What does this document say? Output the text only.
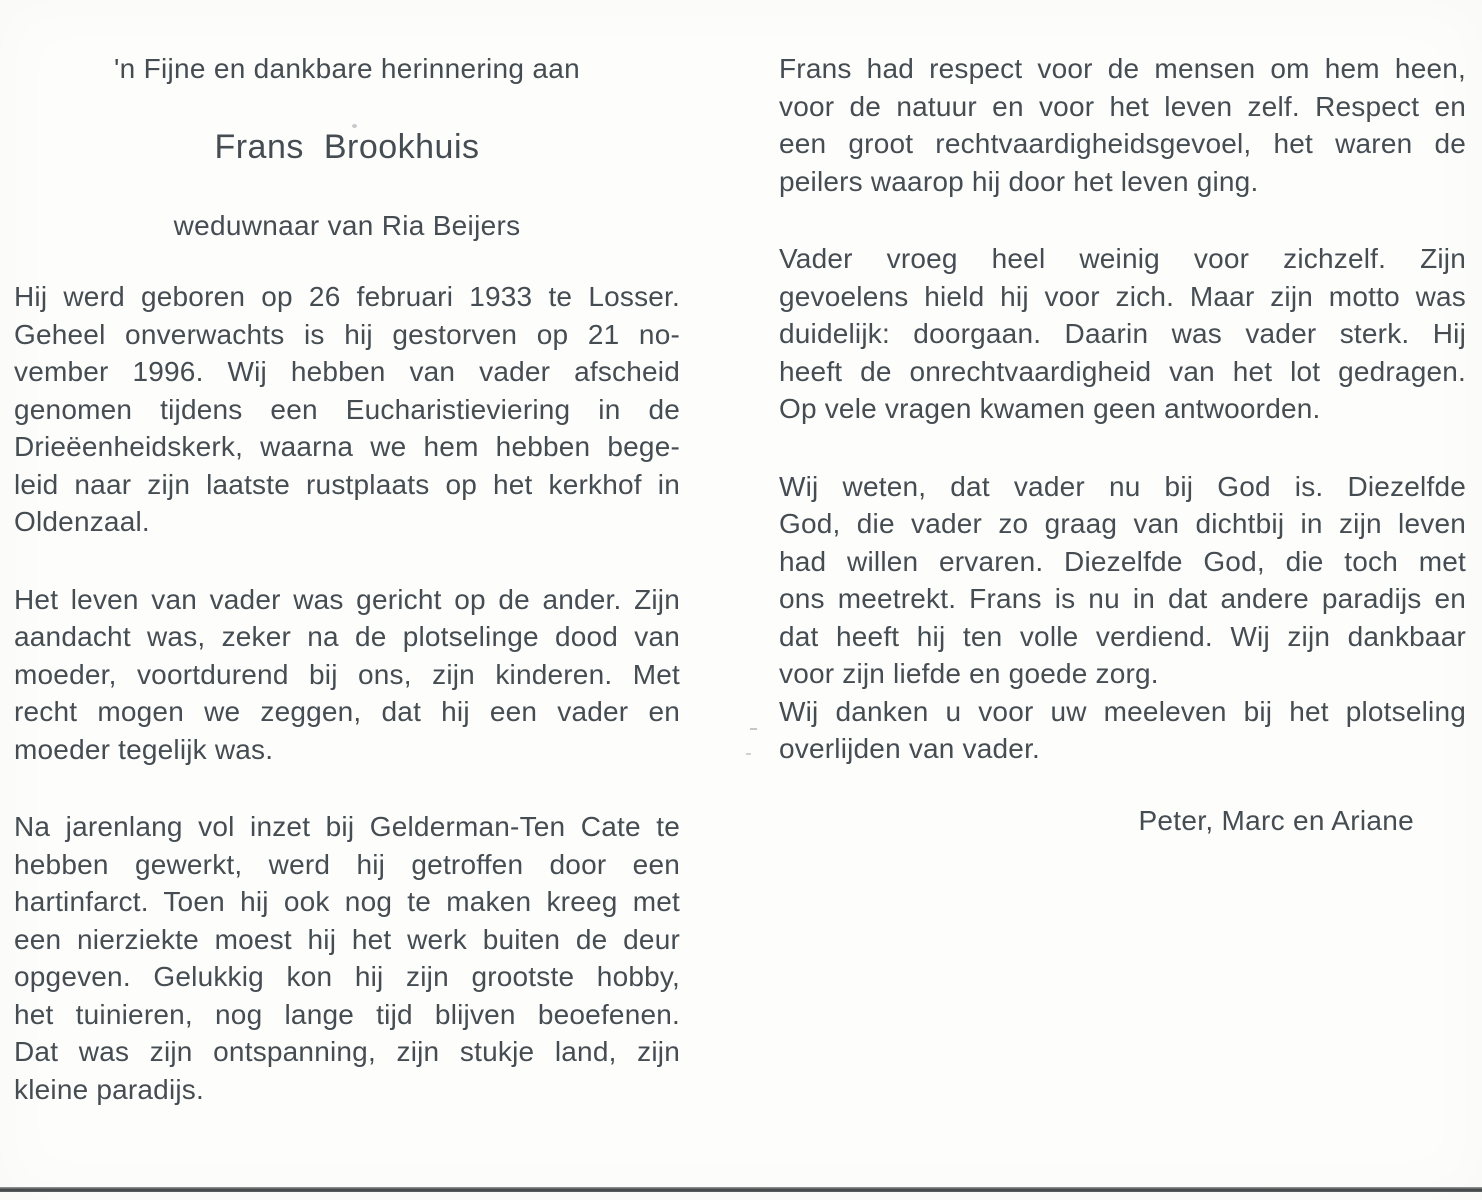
'n Fijne en dankbare herinnering aan
Frans Brookhuis
weduwnaar van Ria Beijers
Hij werd geboren op 26 februari 1933 te Losser.
Geheel onverwachts is hij gestorven op 21 no-
vember 1996. Wij hebben van vader afscheid
genomen tijdens een Eucharistieviering in de
Drieëenheidskerk, waarna we hem hebben bege-
leid naar zijn laatste rustplaats op het kerkhof in
Oldenzaal.
Het leven van vader was gericht op de ander. Zijn
aandacht was, zeker na de plotselinge dood van
moeder, voortdurend bij ons, zijn kinderen. Met
recht mogen we zeggen, dat hij een vader en
moeder tegelijk was.
Na jarenlang vol inzet bij Gelderman-Ten Cate te
hebben gewerkt, werd hij getroffen door een
hartinfarct. Toen hij ook nog te maken kreeg met
een nierziekte moest hij het werk buiten de deur
opgeven. Gelukkig kon hij zijn grootste hobby,
het tuinieren, nog lange tijd blijven beoefenen.
Dat was zijn ontspanning, zijn stukje land, zijn
kleine paradijs.
Frans had respect voor de mensen om hem heen,
voor de natuur en voor het leven zelf. Respect en
een groot rechtvaardigheidsgevoel, het waren de
peilers waarop hij door het leven ging.
Vader vroeg heel weinig voor zichzelf. Zijn
gevoelens hield hij voor zich. Maar zijn motto was
duidelijk: doorgaan. Daarin was vader sterk. Hij
heeft de onrechtvaardigheid van het lot gedragen.
Op vele vragen kwamen geen antwoorden.
Wij weten, dat vader nu bij God is. Diezelfde
God, die vader zo graag van dichtbij in zijn leven
had willen ervaren. Diezelfde God, die toch met
ons meetrekt. Frans is nu in dat andere paradijs en
dat heeft hij ten volle verdiend. Wij zijn dankbaar
voor zijn liefde en goede zorg.
Wij danken u voor uw meeleven bij het plotseling
overlijden van vader.
Peter, Marc en Ariane
